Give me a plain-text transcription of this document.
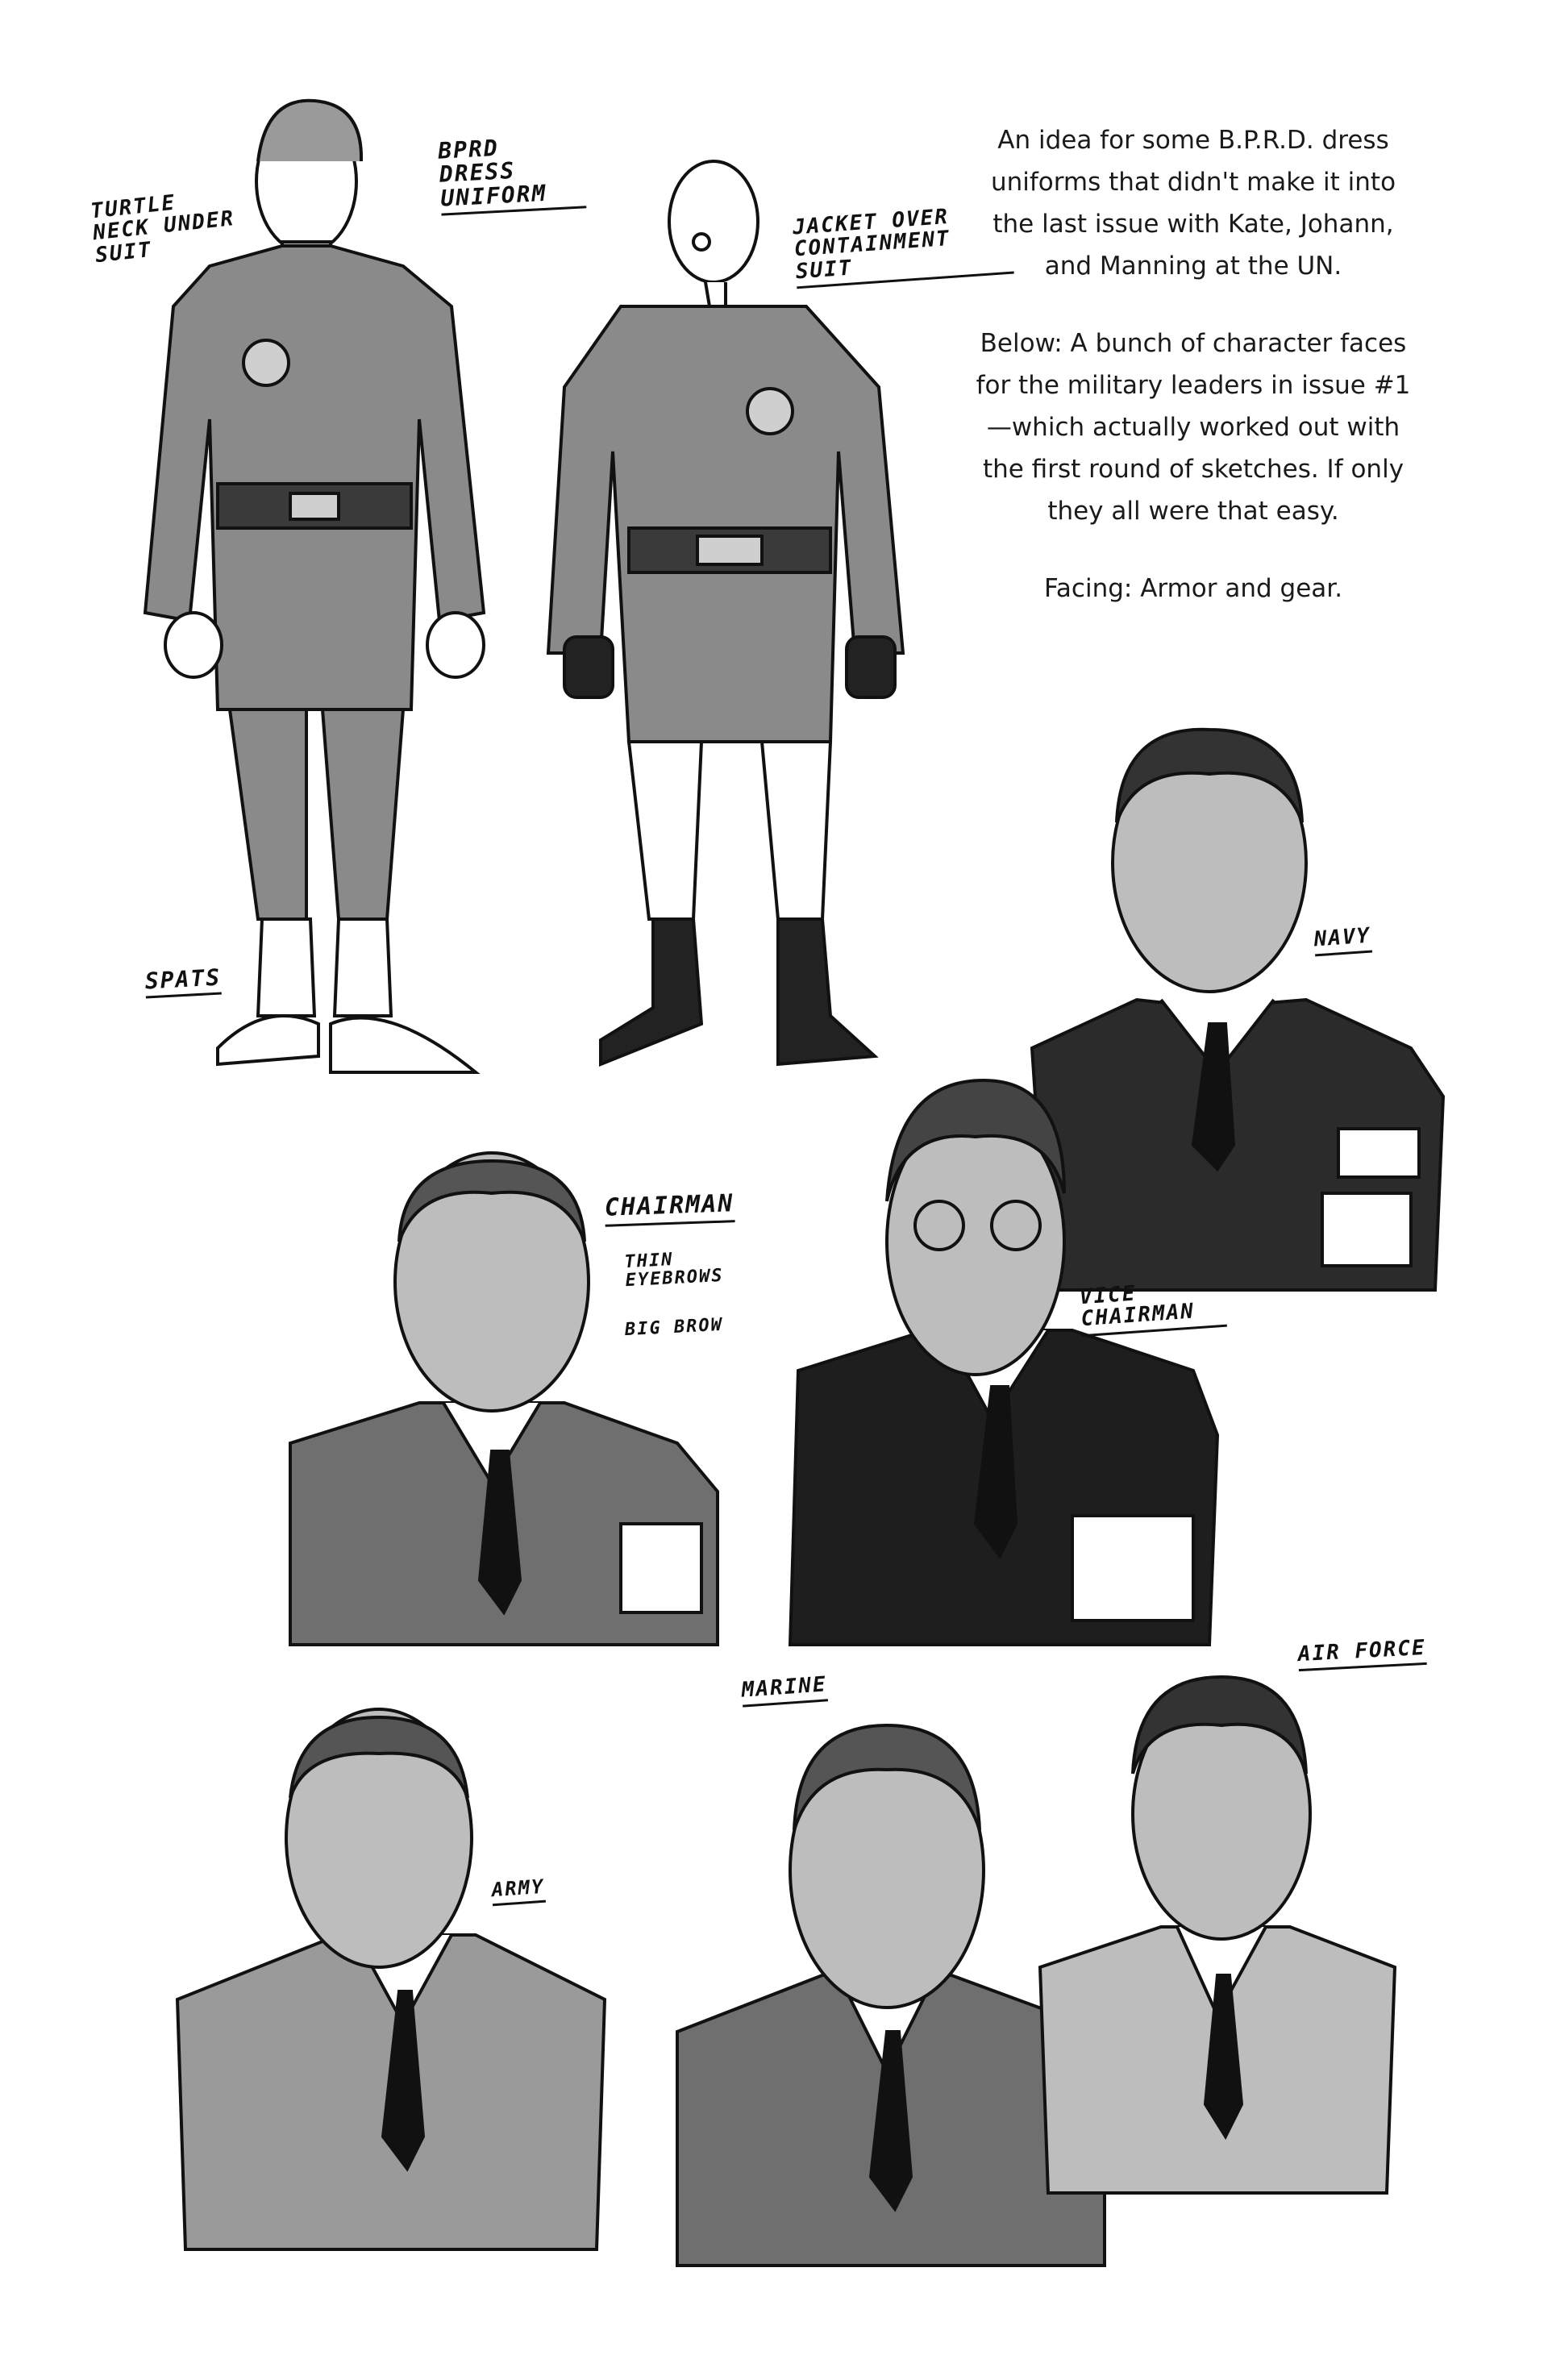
An idea for some B.P.R.D. dress uniforms that didn't make it into the last issue with Kate, Johann, and Manning at the UN.

Below: A bunch of character faces for the military leaders in issue #1—which actually worked out with the first round of sketches. If only they all were that easy.

Facing: Armor and gear.

TURTLE NECK UNDER SUIT
BPRD DRESS UNIFORM
JACKET OVER CONTAINMENT SUIT
SPATS
NAVY
CHAIRMAN
THIN EYEBROWS
BIG BROW
VICE CHAIRMAN
ARMY
MARINE
AIR FORCE
